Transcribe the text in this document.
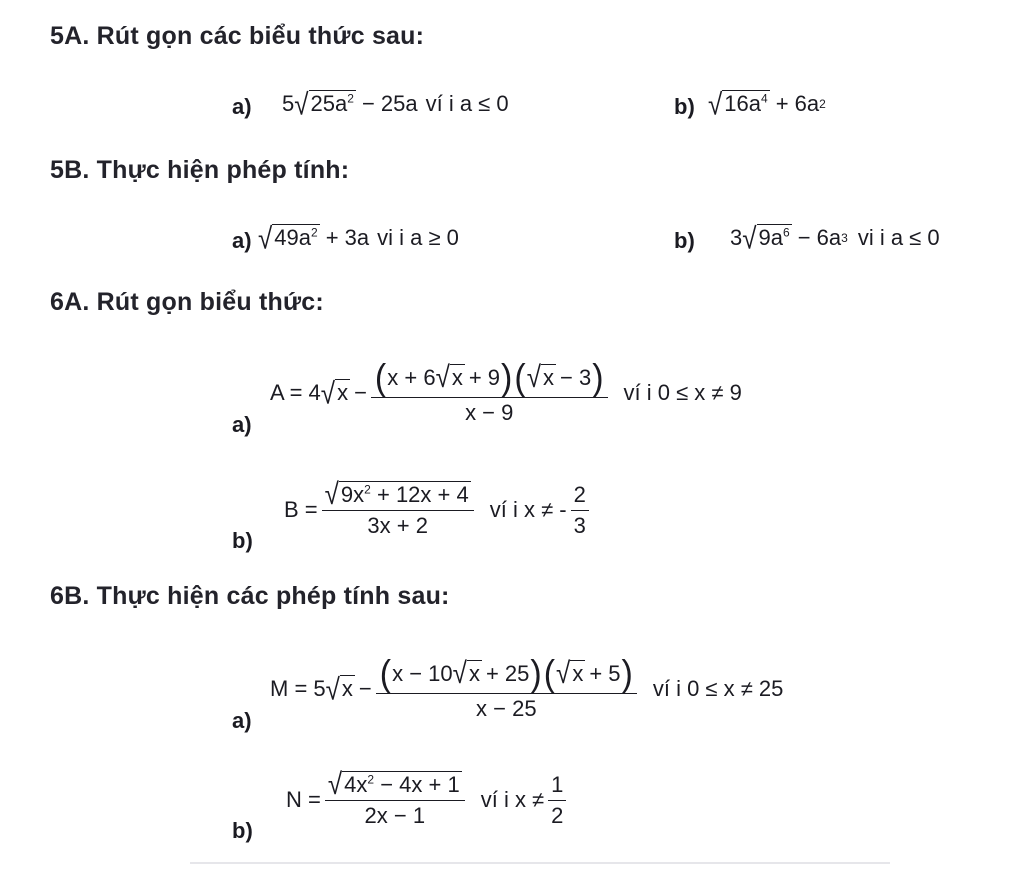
5A. Rút gọn các biểu thức sau:
a) 5 √ $25a^2 - 25a$ ví i a ≤ 0	b) √ $16a^4 + 6a$ 2
5B. Thực hiện phép tính:
a) √ $49a^2 + 3a$ vi i a ≥ 0	b) 3 √ $9a^6 - 6a$ 3 vi i a ≤ 0
6A. Rút gọn biểu thức:
a)
A = 4 √ x − ( x + 6 √ x + 9 ) ( √ x − 3 )
x − 9
ví i 0 ≤ x ≠ 9
b)
$B = \frac{√ 9x^2 + 12x + 4}{3x + 2}$ ví i x ≠ - $\frac{2}{3}$
6B. Thực hiện các phép tính sau:
a)
M = 5 √ x − ( x − 10 √ x + 25 ) ( √ x + 5 )
x − 25
ví i 0 ≤ x ≠ 25
b)
$N = \frac{√ 4x^2 - 4x + 1}{2x - 1}$ ví i $x \ne \frac{1}{2}$
